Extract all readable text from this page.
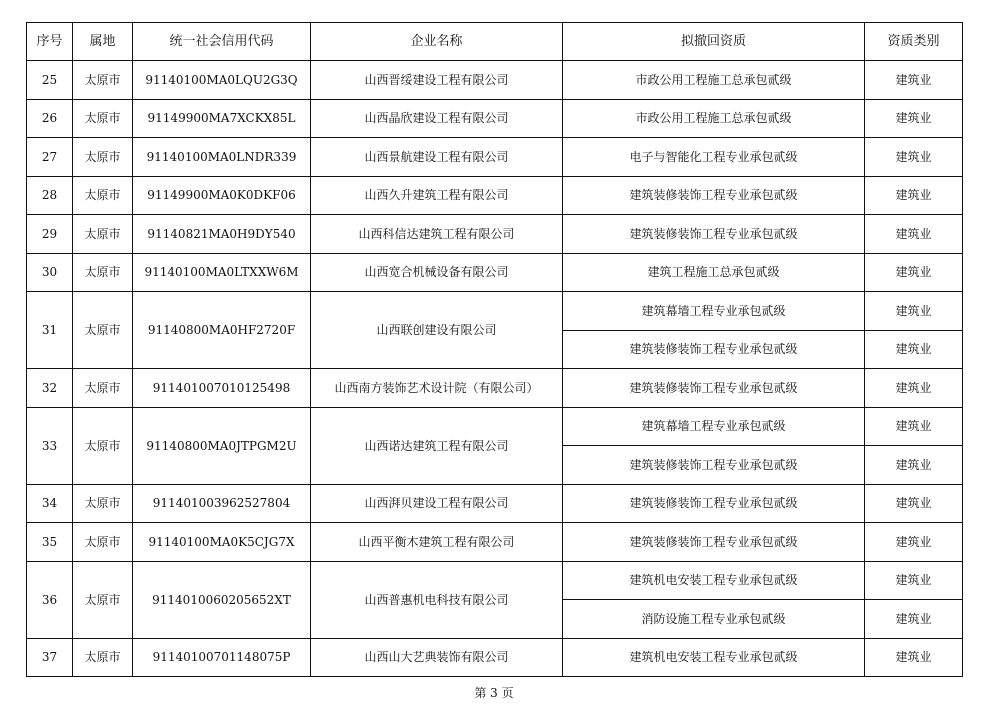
序号	属地	统一社会信用代码	企业名称	拟撤回资质	资质类别
25	太原市	91140100MA0LQU2G3Q	山西晋绥建设工程有限公司	市政公用工程施工总承包贰级	建筑业
26	太原市	91149900MA7XCKX85L	山西晶欣建设工程有限公司	市政公用工程施工总承包贰级	建筑业
27	太原市	91140100MA0LNDR339	山西景航建设工程有限公司	电子与智能化工程专业承包贰级	建筑业
28	太原市	91149900MA0K0DKF06	山西久升建筑工程有限公司	建筑装修装饰工程专业承包贰级	建筑业
29	太原市	91140821MA0H9DY540	山西科信达建筑工程有限公司	建筑装修装饰工程专业承包贰级	建筑业
30	太原市	91140100MA0LTXXW6M	山西宽合机械设备有限公司	建筑工程施工总承包贰级	建筑业
31	太原市	91140800MA0HF2720F	山西联创建设有限公司	建筑幕墙工程专业承包贰级	建筑业
				建筑装修装饰工程专业承包贰级	建筑业
32	太原市	911401007010125498	山西南方装饰艺术设计院（有限公司）	建筑装修装饰工程专业承包贰级	建筑业
33	太原市	91140800MA0JTPGM2U	山西诺达建筑工程有限公司	建筑幕墙工程专业承包贰级	建筑业
				建筑装修装饰工程专业承包贰级	建筑业
34	太原市	911401003962527804	山西湃贝建设工程有限公司	建筑装修装饰工程专业承包贰级	建筑业
35	太原市	91140100MA0K5CJG7X	山西平衡木建筑工程有限公司	建筑装修装饰工程专业承包贰级	建筑业
36	太原市	9114010060205652XT	山西普惠机电科技有限公司	建筑机电安装工程专业承包贰级	建筑业
				消防设施工程专业承包贰级	建筑业
37	太原市	91140100701148075P	山西山大艺典装饰有限公司	建筑机电安装工程专业承包贰级	建筑业
第 3 页
